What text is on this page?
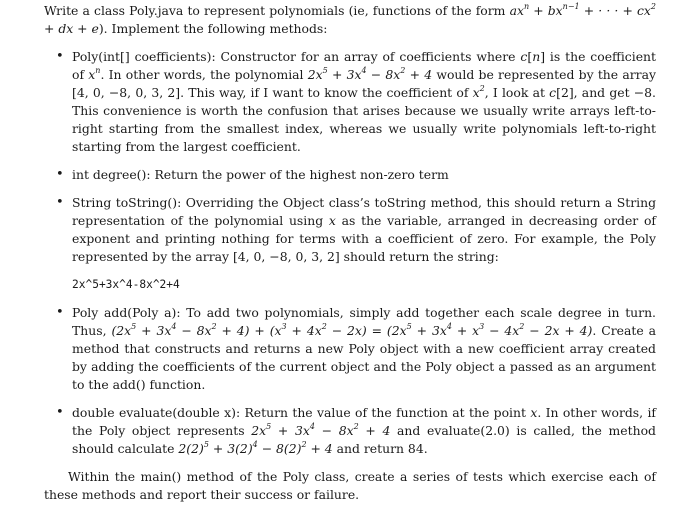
Write a class Poly.java to represent polynomials (ie, functions of the form $ax^n + bx^{n-1}$ + · · · + $cx^2$ + dx + e). Implement the following methods:

• Poly(int[] coefficients): Constructor for an array of coefficients where c[n] is the coefficient of $x^n$. In other words, the polynomial $2x^5 + 3x^4 - 8x^2 + 4$ would be represented by the array [4, 0, −8, 0, 3, 2]. This way, if I want to know the coefficient of $x^2$, I look at c[2], and get −8. This convenience is worth the confusion that arises because we usually write arrays left-to-right starting from the smallest index, whereas we usually write polynomials left-to-right starting from the largest coefficient.

• int degree(): Return the power of the highest non-zero term

• String toString(): Overriding the Object class’s toString method, this should return a String representation of the polynomial using x as the variable, arranged in decreasing order of exponent and printing nothing for terms with a coefficient of zero. For example, the Poly represented by the array [4, 0, −8, 0, 3, 2] should return the string:

2x^5+3x^4-8x^2+4

• Poly add(Poly a): To add two polynomials, simply add together each scale degree in turn. Thus, $(2x^5 + 3x^4 - 8x^2 + 4) + (x^3 + 4x^2 - 2x) = (2x^5 + 3x^4 + x^3 - 4x^2 - 2x + 4)$. Create a method that constructs and returns a new Poly object with a new coefficient array created by adding the coefficients of the current object and the Poly object a passed as an argument to the add() function.

• double evaluate(double x): Return the value of the function at the point x. In other words, if the Poly object represents $2x^5 + 3x^4 - 8x^2 + 4$ and evaluate(2.0) is called, the method should calculate $2(2)^5 + 3(2)^4 - 8(2)^2 + 4$ and return 84.

Within the main() method of the Poly class, create a series of tests which exercise each of these methods and report their success or failure.
